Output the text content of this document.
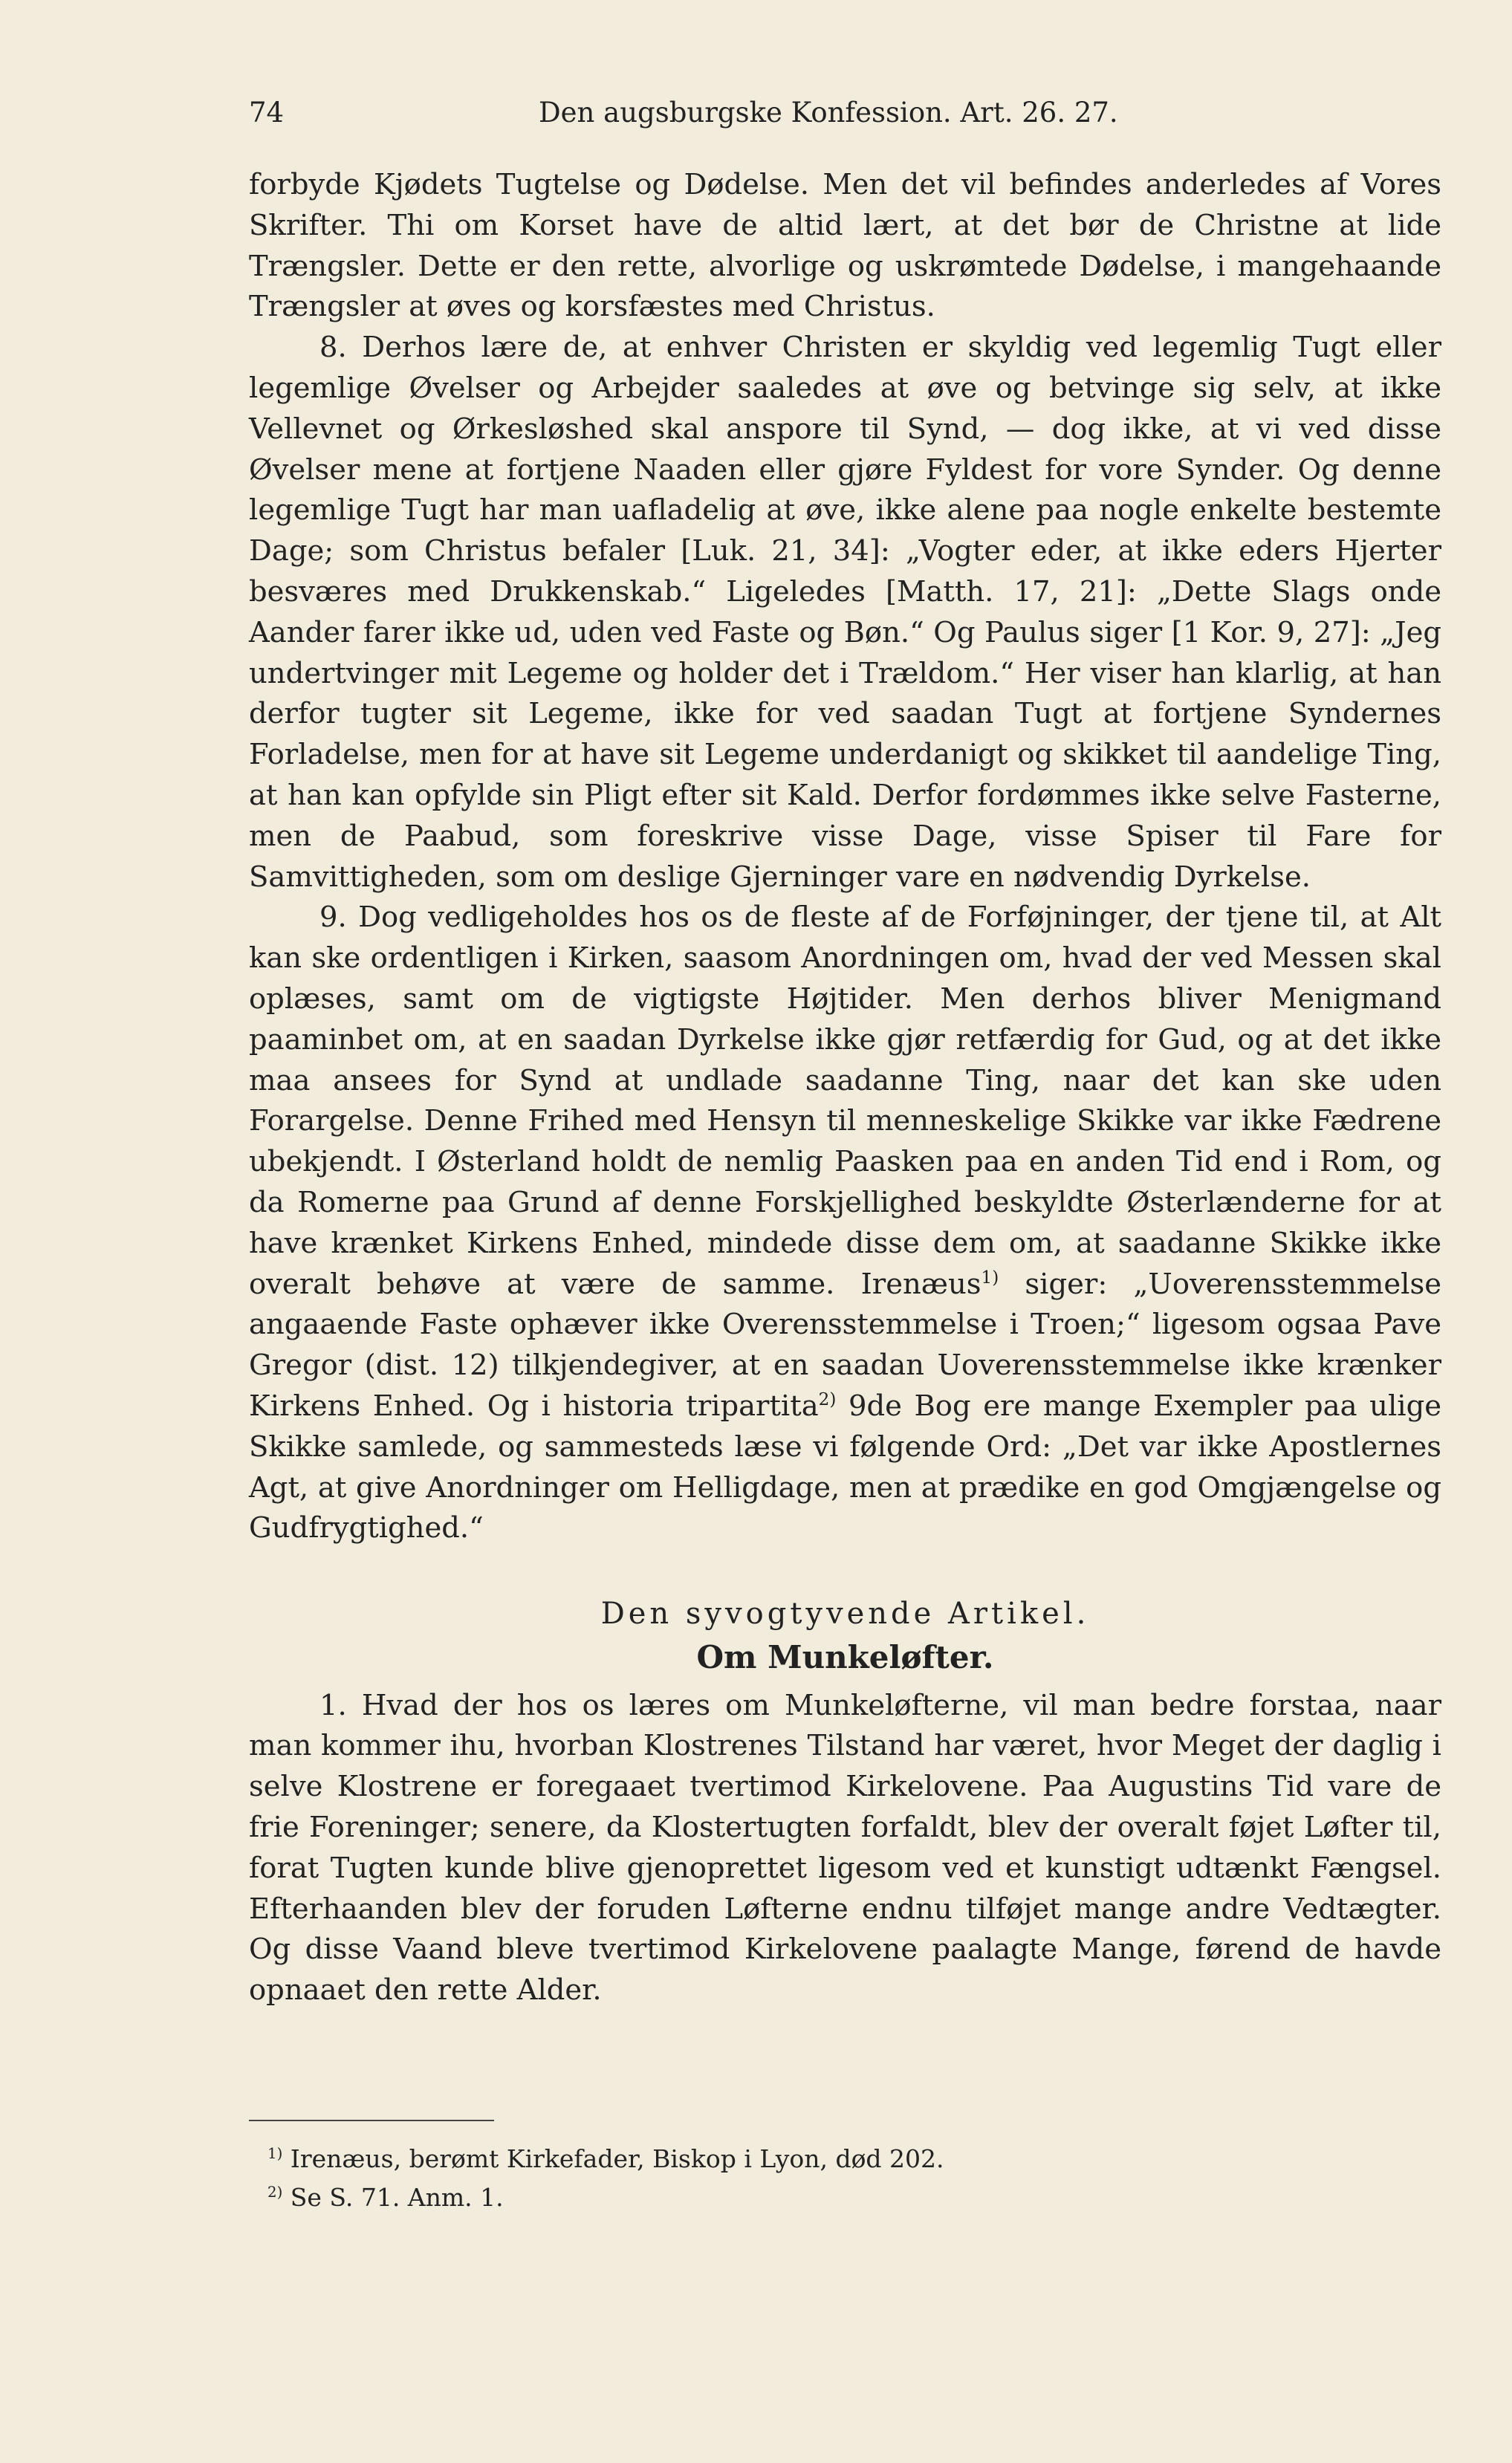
74	Den augsburgske Konfession. Art. 26. 27.

forbyde Kjødets Tugtelse og Dødelse. Men det vil befindes anderledes af Vores Skrifter. Thi om Korset have de altid lært, at det bør de Christne at lide Trængsler. Dette er den rette, alvorlige og uskrømtede Dødelse, i mangehaande Trængsler at øves og korsfæstes med Christus.

8. Derhos lære de, at enhver Christen er skyldig ved legemlig Tugt eller legemlige Øvelser og Arbejder saaledes at øve og betvinge sig selv, at ikke Vellevnet og Ørkesløshed skal anspore til Synd, — dog ikke, at vi ved disse Øvelser mene at fortjene Naaden eller gjøre Fyldest for vore Synder. Og denne legemlige Tugt har man uafladelig at øve, ikke alene paa nogle enkelte bestemte Dage; som Christus befaler [Luk. 21, 34]: „Vogter eder, at ikke eders Hjerter besværes med Drukkenskab.“ Ligeledes [Matth. 17, 21]: „Dette Slags onde Aander farer ikke ud, uden ved Faste og Bøn.“ Og Paulus siger [1 Kor. 9, 27]: „Jeg undertvinger mit Legeme og holder det i Trældom.“ Her viser han klarlig, at han derfor tugter sit Legeme, ikke for ved saadan Tugt at fortjene Syndernes Forladelse, men for at have sit Legeme underdanigt og skikket til aandelige Ting, at han kan opfylde sin Pligt efter sit Kald. Derfor fordømmes ikke selve Fasterne, men de Paabud, som foreskrive visse Dage, visse Spiser til Fare for Samvittigheden, som om deslige Gjerninger vare en nødvendig Dyrkelse.

9. Dog vedligeholdes hos os de fleste af de Forføjninger, der tjene til, at Alt kan ske ordentligen i Kirken, saasom Anordningen om, hvad der ved Messen skal oplæses, samt om de vigtigste Højtider. Men derhos bliver Menigmand paaminbet om, at en saadan Dyrkelse ikke gjør retfærdig for Gud, og at det ikke maa ansees for Synd at undlade saadanne Ting, naar det kan ske uden Forargelse. Denne Frihed med Hensyn til menneskelige Skikke var ikke Fædrene ubekjendt. I Østerland holdt de nemlig Paasken paa en anden Tid end i Rom, og da Romerne paa Grund af denne Forskjellighed beskyldte Østerlænderne for at have krænket Kirkens Enhed, mindede disse dem om, at saadanne Skikke ikke overalt behøve at være de samme. Irenæus$^{1)}$ siger: „Uoverensstemmelse angaaende Faste ophæver ikke Overensstemmelse i Troen;“ ligesom ogsaa Pave Gregor (dist. 12) tilkjendegiver, at en saadan Uoverensstemmelse ikke krænker Kirkens Enhed. Og i historia tripartita$^{2)}$ 9de Bog ere mange Exempler paa ulige Skikke samlede, og sammesteds læse vi følgende Ord: „Det var ikke Apostlernes Agt, at give Anordninger om Helligdage, men at prædike en god Omgjængelse og Gudfrygtighed.“

Den syvogtyvende Artikel.

Om Munkeløfter.

1. Hvad der hos os læres om Munkeløfterne, vil man bedre forstaa, naar man kommer ihu, hvorban Klostrenes Tilstand har været, hvor Meget der daglig i selve Klostrene er foregaaet tvertimod Kirkelovene. Paa Augustins Tid vare de frie Foreninger; senere, da Klostertugten forfaldt, blev der overalt føjet Løfter til, forat Tugten kunde blive gjenoprettet ligesom ved et kunstigt udtænkt Fængsel. Efterhaanden blev der foruden Løfterne endnu tilføjet mange andre Vedtægter. Og disse Vaand bleve tvertimod Kirkelovene paalagte Mange, førend de havde opnaaet den rette Alder.

$^{1)}$ Irenæus, berømt Kirkefader, Biskop i Lyon, død 202.

$^{2)}$ Se S. 71. Anm. 1.
